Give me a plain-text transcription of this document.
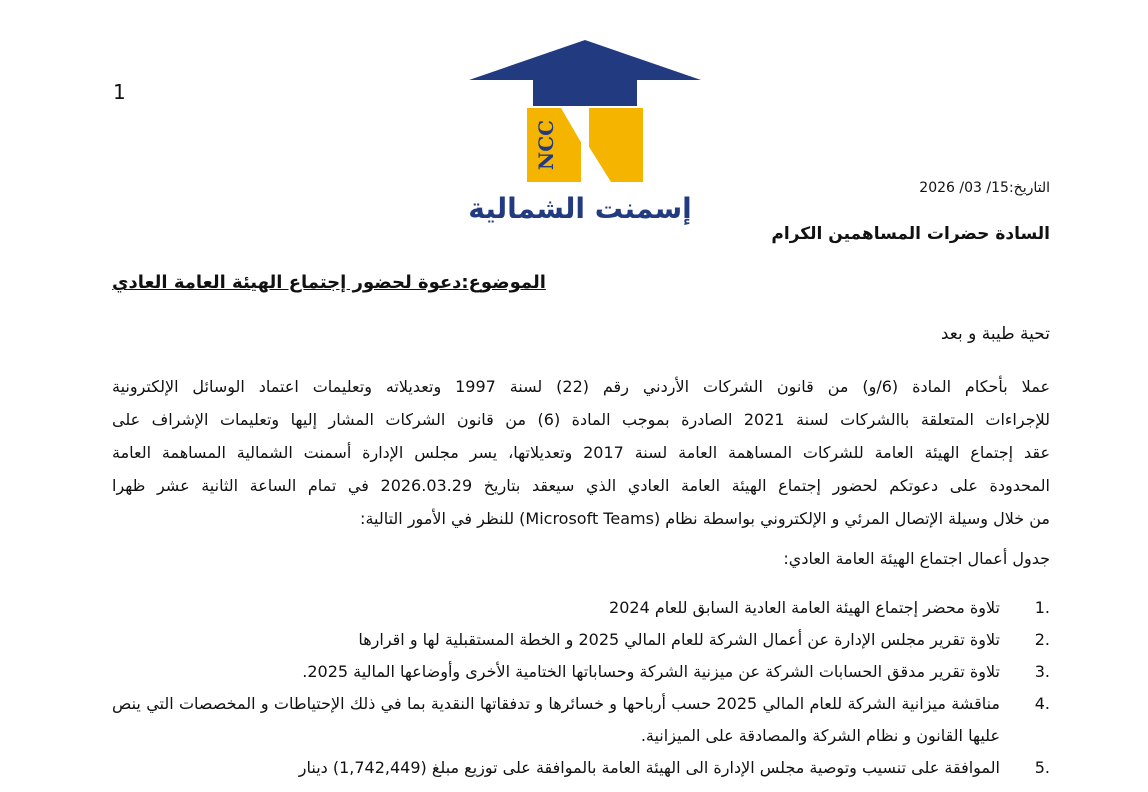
1
NCC
إسمنت الشمالية
التاريخ:15/ 03/ 2026
السادة حضرات المساهمين الكرام
الموضوع:دعوة لحضور إجتماع الهيئة العامة العادي
تحية طيبة و بعد
عملا بأحكام المادة (6/و) من قانون الشركات الأردني رقم (22) لسنة 1997 وتعديلاته وتعليمات اعتماد الوسائل الإلكترونية
للإجراءات المتعلقة باالشركات لسنة 2021 الصادرة بموجب المادة (6) من قانون الشركات المشار إليها وتعليمات الإشراف على
عقد إجتماع الهيئة العامة للشركات المساهمة العامة لسنة 2017 وتعديلاتها، يسر مجلس الإدارة أسمنت الشمالية المساهمة العامة
المحدودة على دعوتكم لحضور إجتماع الهيئة العامة العادي الذي سيعقد بتاريخ 2026.03.29 في تمام الساعة الثانية عشر ظهرا
من خلال وسيلة الإتصال المرئي و الإلكتروني بواسطة نظام (Microsoft Teams) للنظر في الأمور التالية:
جدول أعمال اجتماع الهيئة العامة العادي:
.1
تلاوة محضر إجتماع الهيئة العامة العادية السابق للعام 2024
.2
تلاوة تقرير مجلس الإدارة عن أعمال الشركة للعام المالي 2025 و الخطة المستقبلية لها و اقرارها
.3
تلاوة تقرير مدقق الحسابات الشركة عن ميزنية الشركة وحساباتها الختامية الأخرى وأوضاعها المالية 2025.
.4
مناقشة ميزانية الشركة للعام المالي 2025 حسب أرباحها و خسائرها و تدفقاتها النقدية بما في ذلك الإحتياطات و المخصصات التي ينص عليها القانون و نظام الشركة والمصادقة على الميزانية.
.5
الموافقة على تنسيب وتوصية مجلس الإدارة الى الهيئة العامة بالموافقة على توزيع مبلغ (1,742,449) دينار
